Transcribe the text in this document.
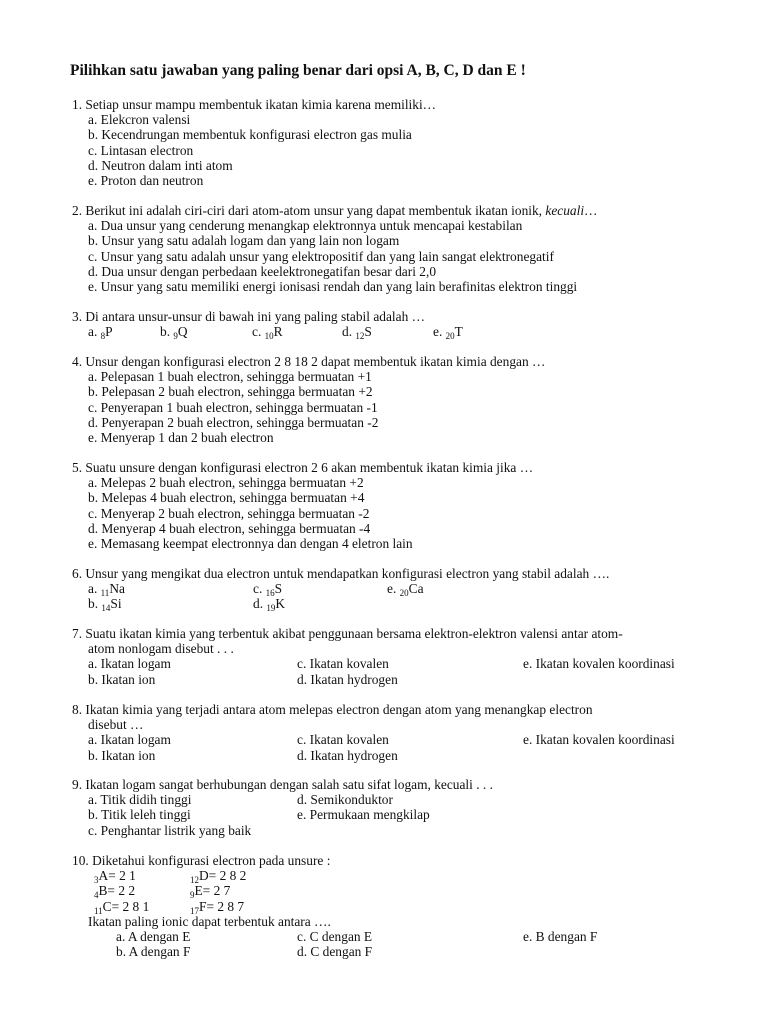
Pilihkan satu jawaban yang paling benar dari opsi A, B, C, D dan E !
1. Setiap unsur mampu membentuk ikatan kimia karena memiliki…
a. Elekcron valensi
b. Kecendrungan membentuk konfigurasi electron gas mulia
c. Lintasan electron
d. Neutron dalam inti atom
e. Proton dan neutron
2. Berikut ini adalah ciri-ciri dari atom-atom unsur yang dapat membentuk ikatan ionik, kecuali…
a. Dua unsur yang cenderung menangkap elektronnya untuk mencapai kestabilan
b. Unsur yang satu adalah logam dan yang lain non logam
c. Unsur yang satu adalah unsur yang elektropositif dan yang lain sangat elektronegatif
d. Dua unsur dengan perbedaan keelektronegatifan besar dari 2,0
e. Unsur yang satu memiliki energi ionisasi rendah dan yang lain berafinitas elektron tinggi
3. Di antara unsur-unsur di bawah ini yang paling stabil adalah …
a. $_8$P	b. $_9$Q	c. $_{10}$R	d. $_{12}$S	e. $_{20}$T
4. Unsur dengan konfigurasi electron 2 8 18 2 dapat membentuk ikatan kimia dengan …
a. Pelepasan 1 buah electron, sehingga bermuatan +1
b. Pelepasan 2 buah electron, sehingga bermuatan +2
c. Penyerapan 1 buah electron, sehingga bermuatan -1
d. Penyerapan 2 buah electron, sehingga bermuatan -2
e. Menyerap 1 dan 2 buah electron
5. Suatu unsure dengan konfigurasi electron 2 6 akan membentuk ikatan kimia jika …
a. Melepas 2 buah electron, sehingga bermuatan +2
b. Melepas 4 buah electron, sehingga bermuatan +4
c. Menyerap 2 buah electron, sehingga bermuatan -2
d. Menyerap 4 buah electron, sehingga bermuatan -4
e. Memasang keempat electronnya dan dengan 4 eletron lain
6. Unsur yang mengikat dua electron untuk mendapatkan konfigurasi electron yang stabil adalah ….
a. $_{11}$Na	c. $_{16}$S	e. $_{20}$Ca
b. $_{14}$Si	d. $_{19}$K
7. Suatu ikatan kimia yang terbentuk akibat penggunaan bersama elektron-elektron valensi antar atom-
atom nonlogam disebut . . .
a. Ikatan logam	c. Ikatan kovalen	e. Ikatan kovalen koordinasi
b. Ikatan ion	d. Ikatan hydrogen
8. Ikatan kimia yang terjadi antara atom melepas electron dengan atom yang menangkap electron
disebut …
a. Ikatan logam	c. Ikatan kovalen	e. Ikatan kovalen koordinasi
b. Ikatan ion	d. Ikatan hydrogen
9. Ikatan logam sangat berhubungan dengan salah satu sifat logam, kecuali . . .
a. Titik didih tinggi	d. Semikonduktor
b. Titik leleh tinggi	e. Permukaan mengkilap
c. Penghantar listrik yang baik
10. Diketahui konfigurasi electron pada unsure :
$_3$A= 2 1	$_{12}$D= 2 8 2
$_4$B= 2 2	$_9$E= 2 7
$_{11}$C= 2 8 1	$_{17}$F= 2 8 7
Ikatan paling ionic dapat terbentuk antara ….
a. A dengan E	c. C dengan E	e. B dengan F
b. A dengan F	d. C dengan F
